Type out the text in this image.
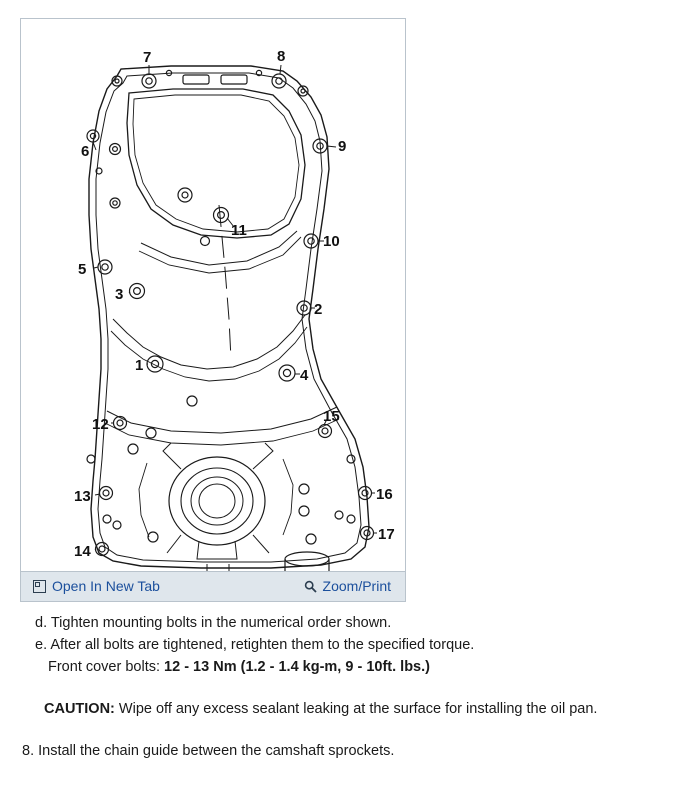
7	8
6	9
11
10
5
3
2
1
4
12	15
13	16
14
17
Open In New Tab	Zoom/Print
d. Tighten mounting bolts in the numerical order shown.
e. After all bolts are tightened, retighten them to the specified torque.
Front cover bolts: 12 - 13 Nm (1.2 - 1.4 kg-m, 9 - 10ft. lbs.)
CAUTION: Wipe off any excess sealant leaking at the surface for installing the oil pan.
8. Install the chain guide between the camshaft sprockets.
